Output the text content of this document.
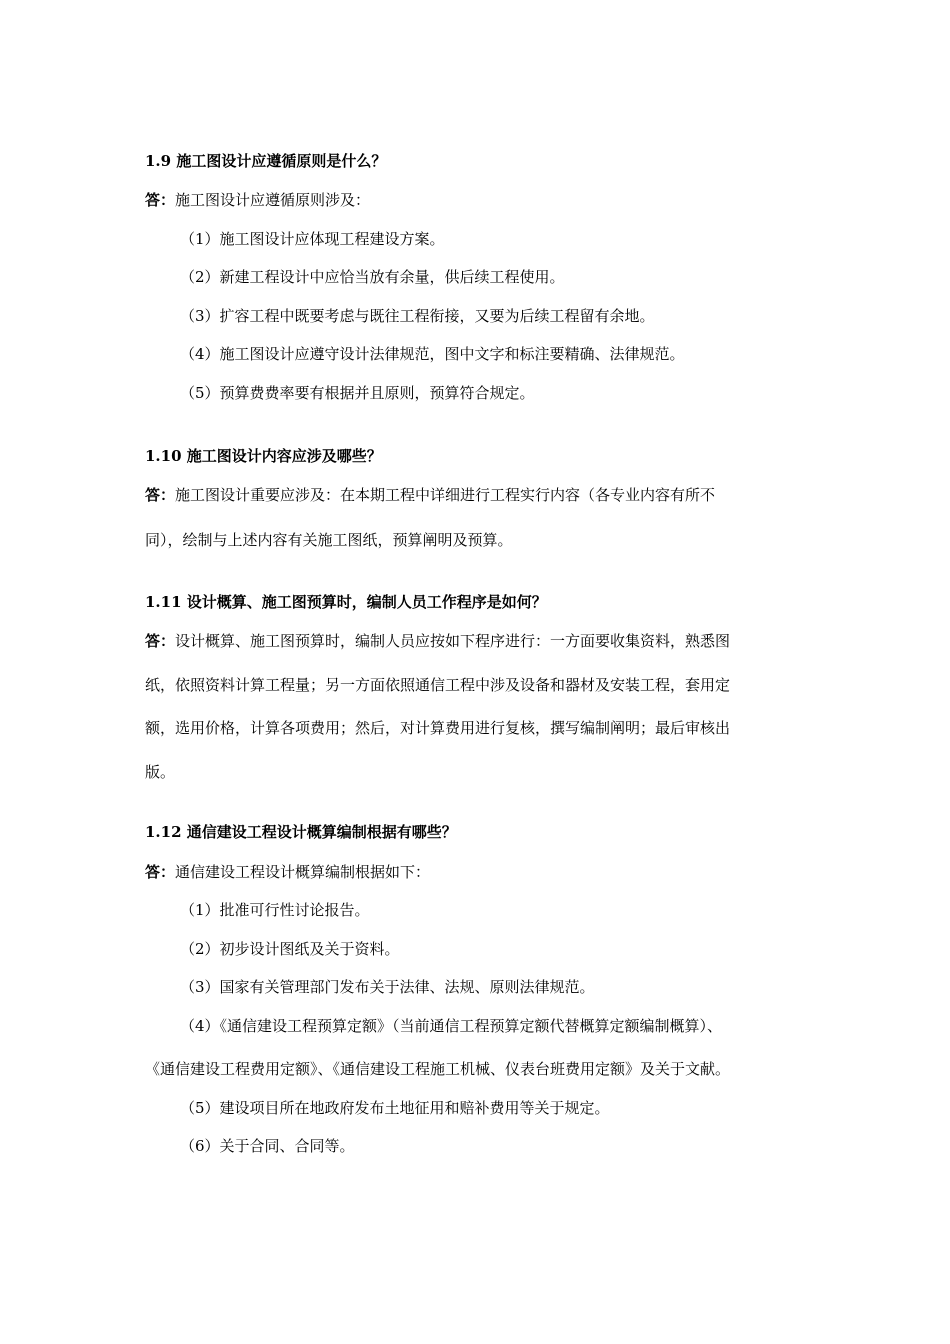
1.9 施工图设计应遵循原则是什么？
答：施工图设计应遵循原则涉及：
（1）施工图设计应体现工程建设方案。
（2）新建工程设计中应恰当放有余量，供后续工程使用。
（3）扩容工程中既要考虑与既往工程衔接，又要为后续工程留有余地。
（4）施工图设计应遵守设计法律规范，图中文字和标注要精确、法律规范。
（5）预算费费率要有根据并且原则，预算符合规定。
1.10 施工图设计内容应涉及哪些？
答：施工图设计重要应涉及：在本期工程中详细进行工程实行内容（各专业内容有所不
同），绘制与上述内容有关施工图纸，预算阐明及预算。
1.11 设计概算、施工图预算时，编制人员工作程序是如何？
答：设计概算、施工图预算时，编制人员应按如下程序进行：一方面要收集资料，熟悉图
纸，依照资料计算工程量；另一方面依照通信工程中涉及设备和器材及安装工程，套用定
额，选用价格，计算各项费用；然后，对计算费用进行复核，撰写编制阐明；最后审核出
版。
1.12 通信建设工程设计概算编制根据有哪些？
答：通信建设工程设计概算编制根据如下：
（1）批准可行性讨论报告。
（2）初步设计图纸及关于资料。
（3）国家有关管理部门发布关于法律、法规、原则法律规范。
（4）《通信建设工程预算定额》（当前通信工程预算定额代替概算定额编制概算）、
《通信建设工程费用定额》、《通信建设工程施工机械、仪表台班费用定额》及关于文献。
（5）建设项目所在地政府发布土地征用和赔补费用等关于规定。
（6）关于合同、合同等。
